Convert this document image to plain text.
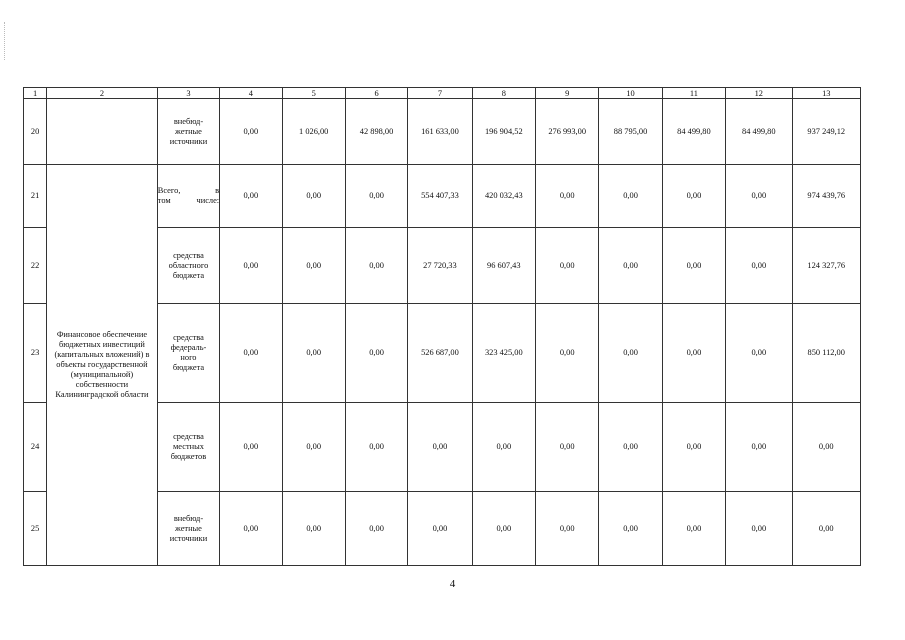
1	2	3	4	5	6	7	8	9	10	11	12	13
20		внебюд-
жетные
источники	0,00	1 026,00	42 898,00	161 633,00	196 904,52	276 993,00	88 795,00	84 499,80	84 499,80	937 249,12
21	Финансовое обеспечение бюджетных инвестиций (капитальных вложений) в объекты государственной (муниципальной) собственности Калининградской области	Всего, в
том числе:	0,00	0,00	0,00	554 407,33	420 032,43	0,00	0,00	0,00	0,00	974 439,76
22		средства
областного
бюджета	0,00	0,00	0,00	27 720,33	96 607,43	0,00	0,00	0,00	0,00	124 327,76
23		средства
федераль-
ного
бюджета	0,00	0,00	0,00	526 687,00	323 425,00	0,00	0,00	0,00	0,00	850 112,00
24		средства
местных
бюджетов	0,00	0,00	0,00	0,00	0,00	0,00	0,00	0,00	0,00	0,00
25		внебюд-
жетные
источники	0,00	0,00	0,00	0,00	0,00	0,00	0,00	0,00	0,00	0,00
4
